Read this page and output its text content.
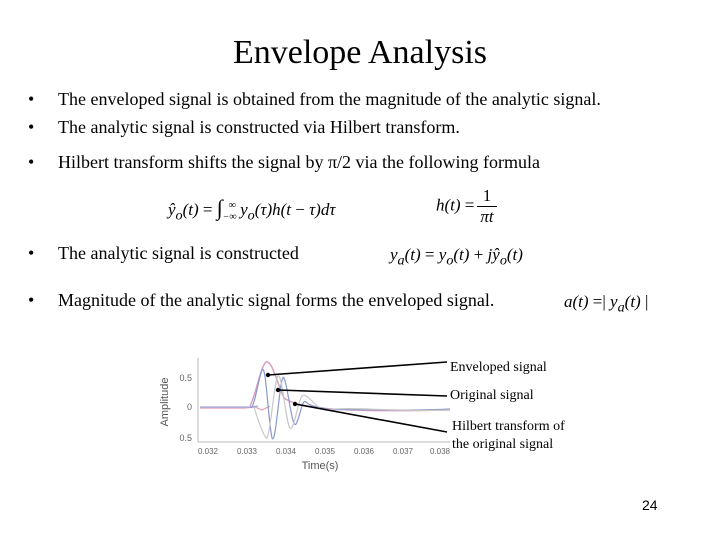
Envelope Analysis
• The enveloped signal is obtained from the magnitude of the analytic signal.
• The analytic signal is constructed via Hilbert transform.
• Hilbert transform shifts the signal by π/2 via the following formula
• The analytic signal is constructed
• Magnitude of the analytic signal forms the enveloped signal.
$ŷ_o(t) = \int_{-\infty}^\infty$ $y_o(\tau)h(t - \tau)d\tau$	$h(t) = \frac{1}{\pi t}$
$y_a(t) = y_o(t)$ + $jŷ_o(t)$
a(t) =| $y_a(t)$ |
Amplitude 0.5
0
0.5
0.032 0.033 0.034 0.035 0.036 0.037 0.038
Time(s)
Enveloped signal
Original signal
Hilbert transform of
the original signal
24
